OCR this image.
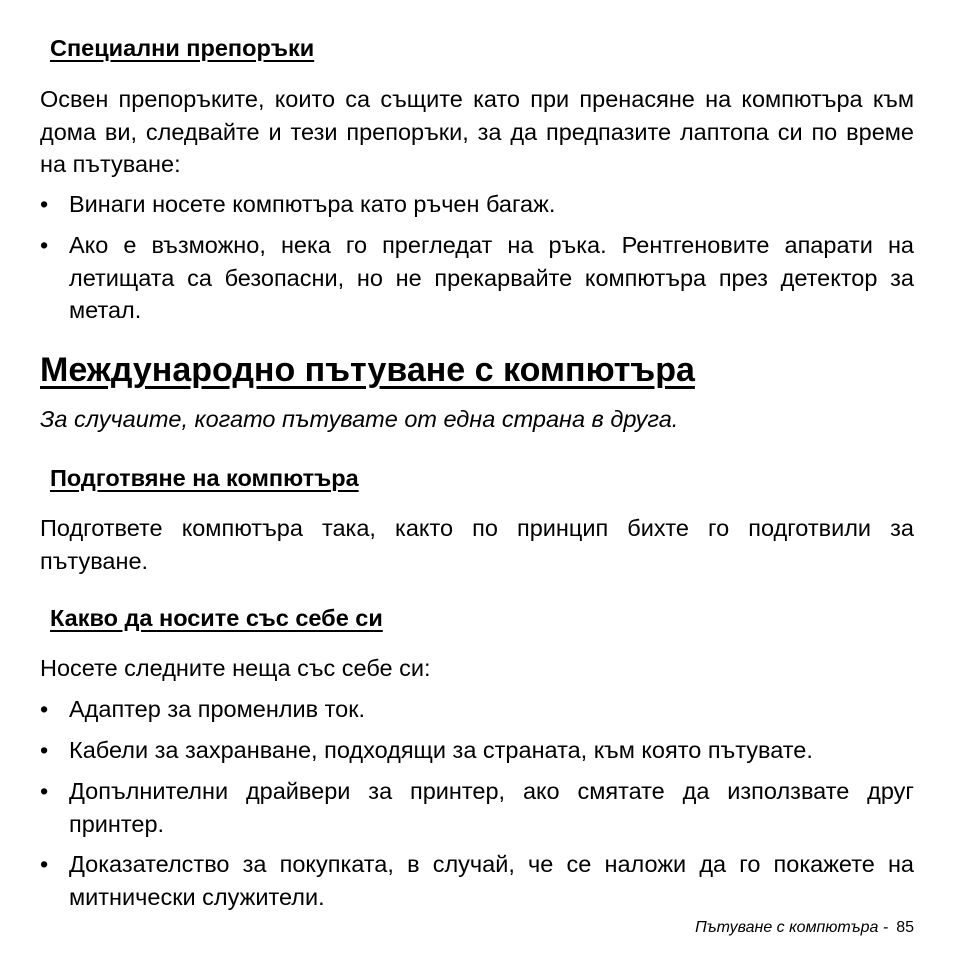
Специални препоръки

Освен препоръките, които са същите като при пренасяне на компютъра към дома ви, следвайте и тези препоръки, за да предпазите лаптопа си по време на пътуване:

• Винаги носете компютъра като ръчен багаж.
• Ако е възможно, нека го прегледат на ръка. Рентгеновите апарати на летищата са безопасни, но не прекарвайте компютъра през детектор за метал.
Международно пътуване с компютъра
За случаите, когато пътувате от една страна в друга.
Подготвяне на компютъра

Подгответе компютъра така, както по принцип бихте го подготвили за пътуване.

Какво да носите със себе си

Носете следните неща със себе си:

• Адаптер за променлив ток.
• Кабели за захранване, подходящи за страната, към която пътувате.
• Допълнителни драйвери за принтер, ако смятате да използвате друг принтер.
• Доказателство за покупката, в случай, че се наложи да го покажете на митнически служители.
Пътуване с компютъра - 85
